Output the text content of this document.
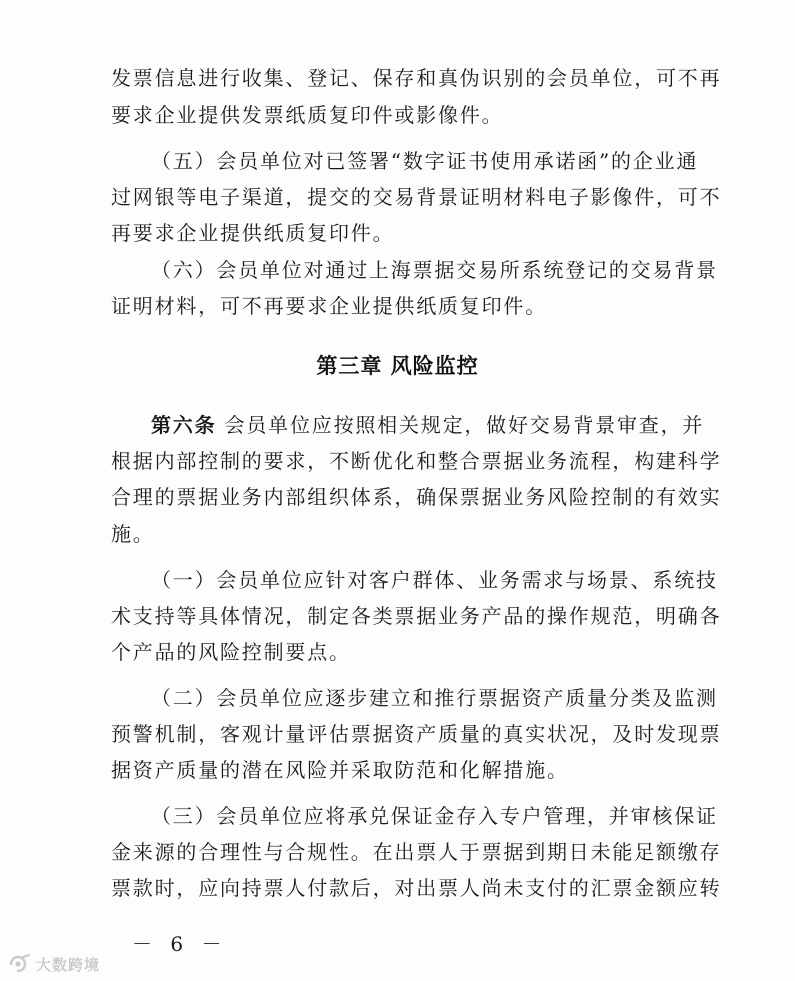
发票信息进行收集、登记、保存和真伪识别的会员单位，可不再
要求企业提供发票纸质复印件或影像件。
（五）会员单位对已签署“数字证书使用承诺函”的企业通
过网银等电子渠道，提交的交易背景证明材料电子影像件，可不
再要求企业提供纸质复印件。
（六）会员单位对通过上海票据交易所系统登记的交易背景
证明材料，可不再要求企业提供纸质复印件。
第三章 风险监控
第六条 会员单位应按照相关规定，做好交易背景审查，并
根据内部控制的要求，不断优化和整合票据业务流程，构建科学
合理的票据业务内部组织体系，确保票据业务风险控制的有效实
施。
（一）会员单位应针对客户群体、业务需求与场景、系统技
术支持等具体情况，制定各类票据业务产品的操作规范，明确各
个产品的风险控制要点。
（二）会员单位应逐步建立和推行票据资产质量分类及监测
预警机制，客观计量评估票据资产质量的真实状况，及时发现票
据资产质量的潜在风险并采取防范和化解措施。
（三）会员单位应将承兑保证金存入专户管理，并审核保证
金来源的合理性与合规性。在出票人于票据到期日未能足额缴存
票款时，应向持票人付款后，对出票人尚未支付的汇票金额应转
－ 6 －
大数跨境
